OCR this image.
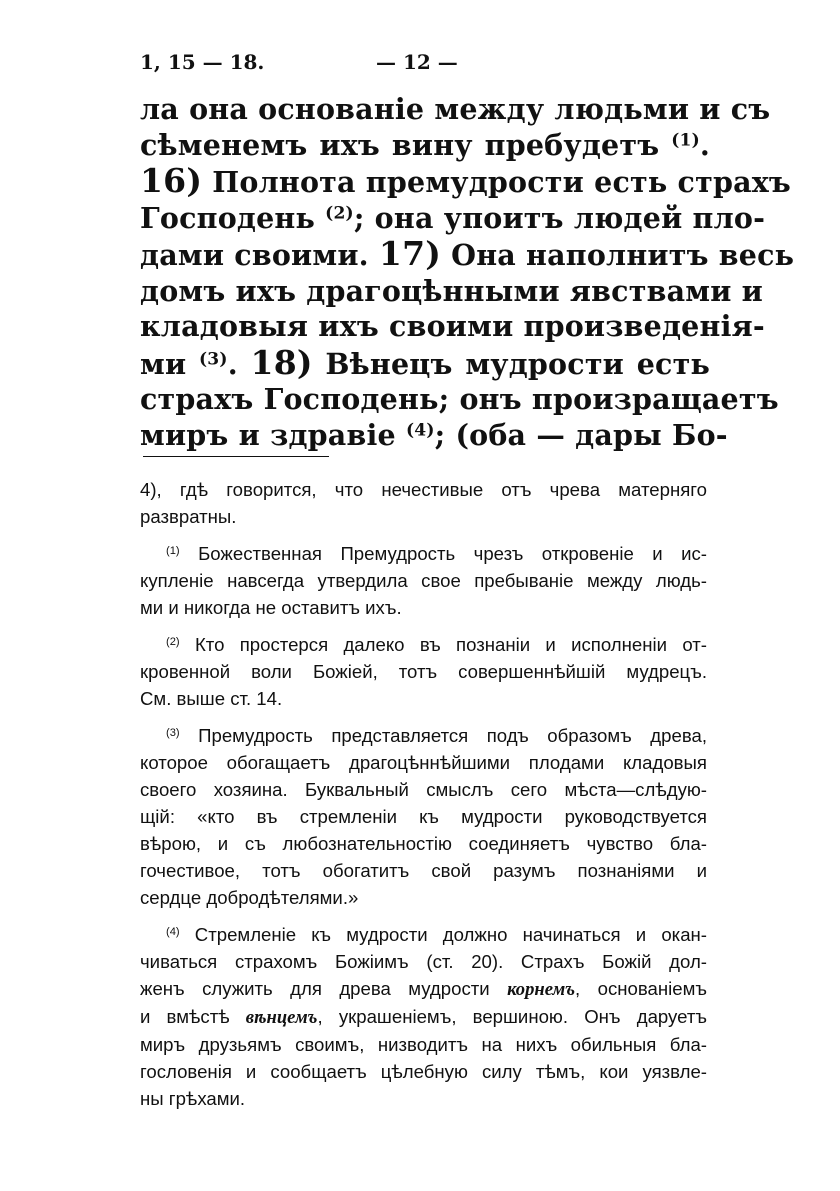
1, 15 — 18.	— 12 —
ла она основаніе между людьми и съ
сѣменемъ ихъ вину пребудетъ $^{(1)}$.
16) Полнота премудрости есть страхъ
Господень $^{(2)}$; она упоитъ людей пло-
дами своими. 17) Она наполнитъ весь
домъ ихъ драгоцѣнными явствами и
кладовыя ихъ своими произведенія-
ми $^{(3)}$. 18) Вѣнецъ мудрости есть
страхъ Господень; онъ произращаетъ
миръ и здравіе $^{(4)}$; (оба — дары Бо-
4), гдѣ говорится, что нечестивые отъ чрева матерняго
развратны.
$^{(1)}$ Божественная Премудрость чрезъ откровеніе и ис-
купленіе навсегда утвердила свое пребываніе между людь-
ми и никогда не оставитъ ихъ.
$^{(2)}$ Кто простерся далеко въ познаніи и исполненіи от-
кровенной воли Божіей, тотъ совершеннѣйшій мудрецъ.
См. выше ст. 14.
$^{(3)}$ Премудрость представляется подъ образомъ древа,
которое обогащаетъ драгоцѣннѣйшими плодами кладовыя
своего хозяина. Буквальный смыслъ сего мѣста—слѣдую-
щій: «кто въ стремленіи къ мудрости руководствуется
вѣрою, и съ любознательностію соединяетъ чувство бла-
гочестивое, тотъ обогатитъ свой разумъ познаніями и
сердце добродѣтелями.»
$^{(4)}$ Стремленіе къ мудрости должно начинаться и окан-
чиваться страхомъ Божіимъ (ст. 20). Страхъ Божій дол-
женъ служить для древа мудрости корнемъ, основаніемъ
и вмѣстѣ вѣнцемъ, украшеніемъ, вершиною. Онъ даруетъ
миръ друзьямъ своимъ, низводитъ на нихъ обильныя бла-
гословенія и сообщаетъ цѣлебную силу тѣмъ, кои уязвле-
ны грѣхами.
